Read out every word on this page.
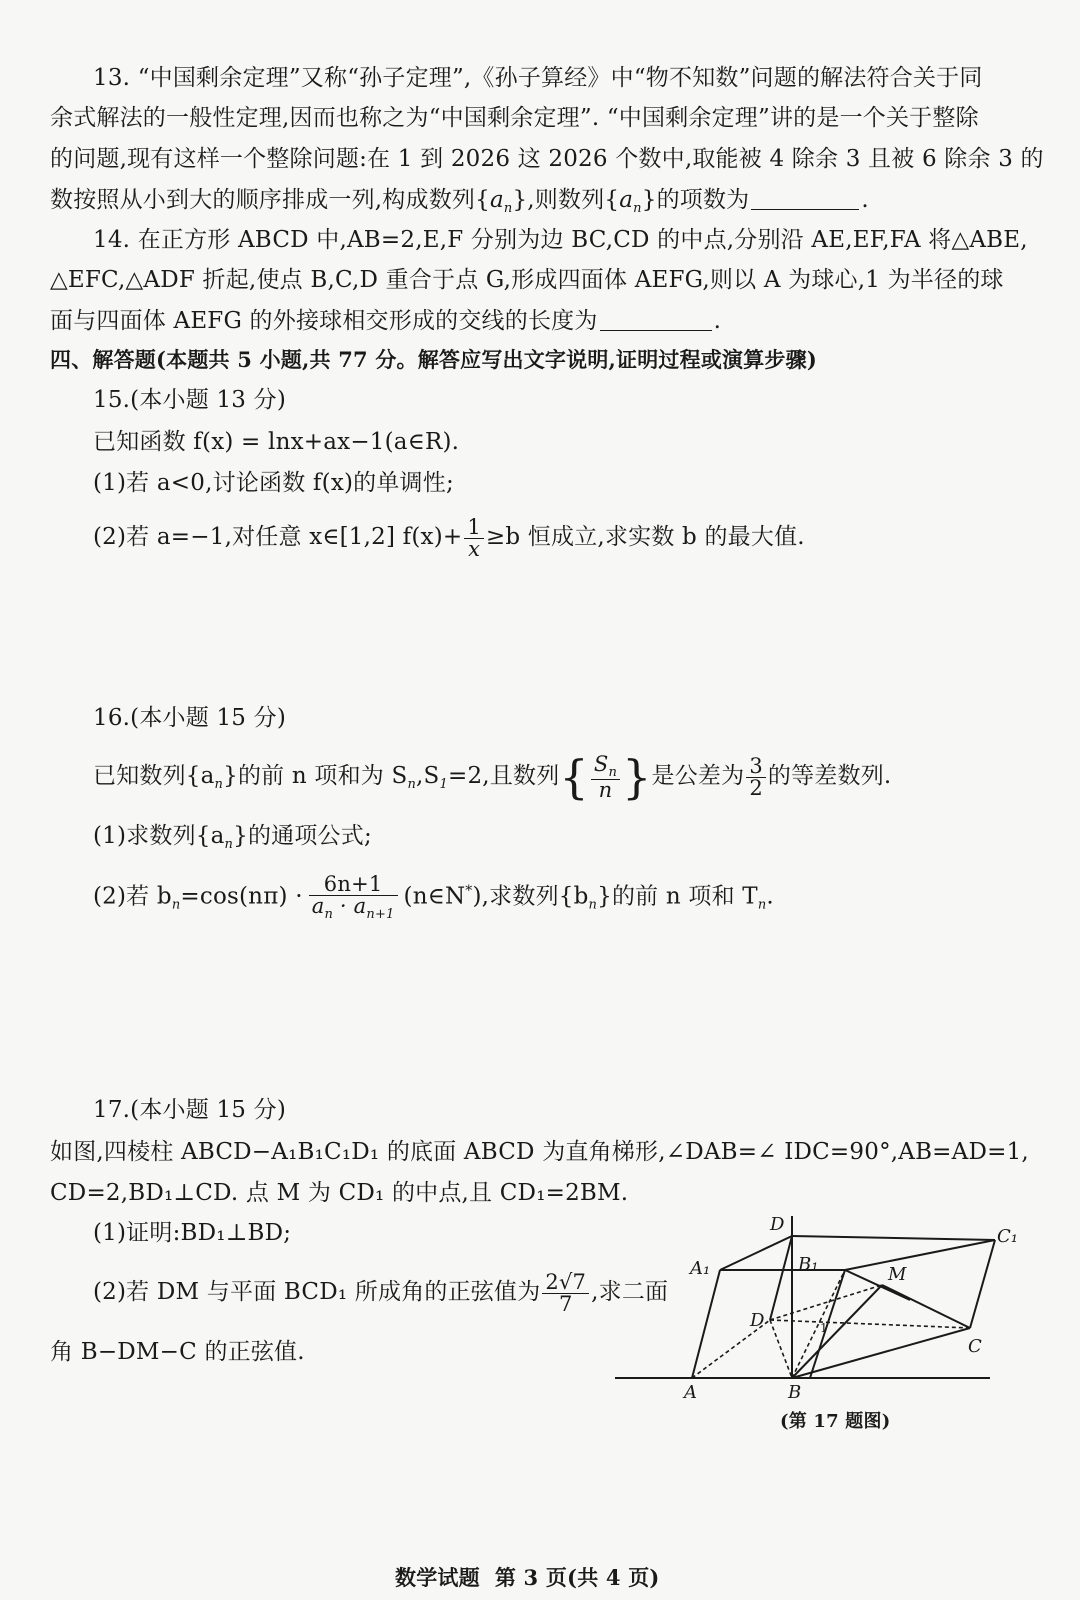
13. “中国剩余定理”又称“孙子定理”,《孙子算经》中“物不知数”问题的解法符合关于同
余式解法的一般性定理,因而也称之为“中国剩余定理”. “中国剩余定理”讲的是一个关于整除
的问题,现有这样一个整除问题:在 1 到 2026 这 2026 个数中,取能被 4 除余 3 且被 6 除余 3 的
数按照从小到大的顺序排成一列,构成数列$\{a_n\}$,则数列$\{a_n\}$的项数为	.
14. 在正方形 ABCD 中,AB=2,E,F 分别为边 BC,CD 的中点,分别沿 AE,EF,FA 将△ABE,
△EFC,△ADF 折起,使点 B,C,D 重合于点 G,形成四面体 AEFG,则以 A 为球心,1 为半径的球
面与四面体 AEFG 的外接球相交形成的交线的长度为	.
四、解答题(本题共 5 小题,共 77 分。解答应写出文字说明,证明过程或演算步骤)
15.(本小题 13 分)
已知函数 f(x) = lnx+ax−1(a∈R).
(1)若 a<0,讨论函数 f(x)的单调性;
(2)若 a=−1,对任意 x∈[1,2] $f(x)+ \frac{1}{x} \ge b$ 恒成立,求实数 b 的最大值.
16.(本小题 15 分)
已知数列$\{a_n\}$的前 n 项和为 $S_n,S_1=2$,且数列{ $\frac{S_n}{n}$ }是公差为 $\frac{3}{2}$ 的等差数列.
(1)求数列$\{a_n\}$的通项公式;
(2)若 $b_n=\cos(n\pi) \cdot \frac{6n+1}{a_n \cdot a_{n+1}}$ (n∈N*),求数列$\{b_n\}$的前 n 项和 $T_n$.
17.(本小题 15 分)
如图,四棱柱 ABCD−A₁B₁C₁D₁ 的底面 ABCD 为直角梯形,∠DAB=∠ IDC=90°,AB=AD=1,
CD=2,BD₁⊥CD. 点 M 为 CD₁ 的中点,且 CD₁=2BM.
(1)证明:BD₁⊥BD;
(2)若 DM 与平面 BCD₁ 所成角的正弦值为 $\frac{2√7}{7}$ ,求二面
角 B−DM−C 的正弦值.
D
C₁
A₁	B₁	M
D	1
C
A	B
(第 17 题图)
数学试题  第 3 页(共 4 页)
